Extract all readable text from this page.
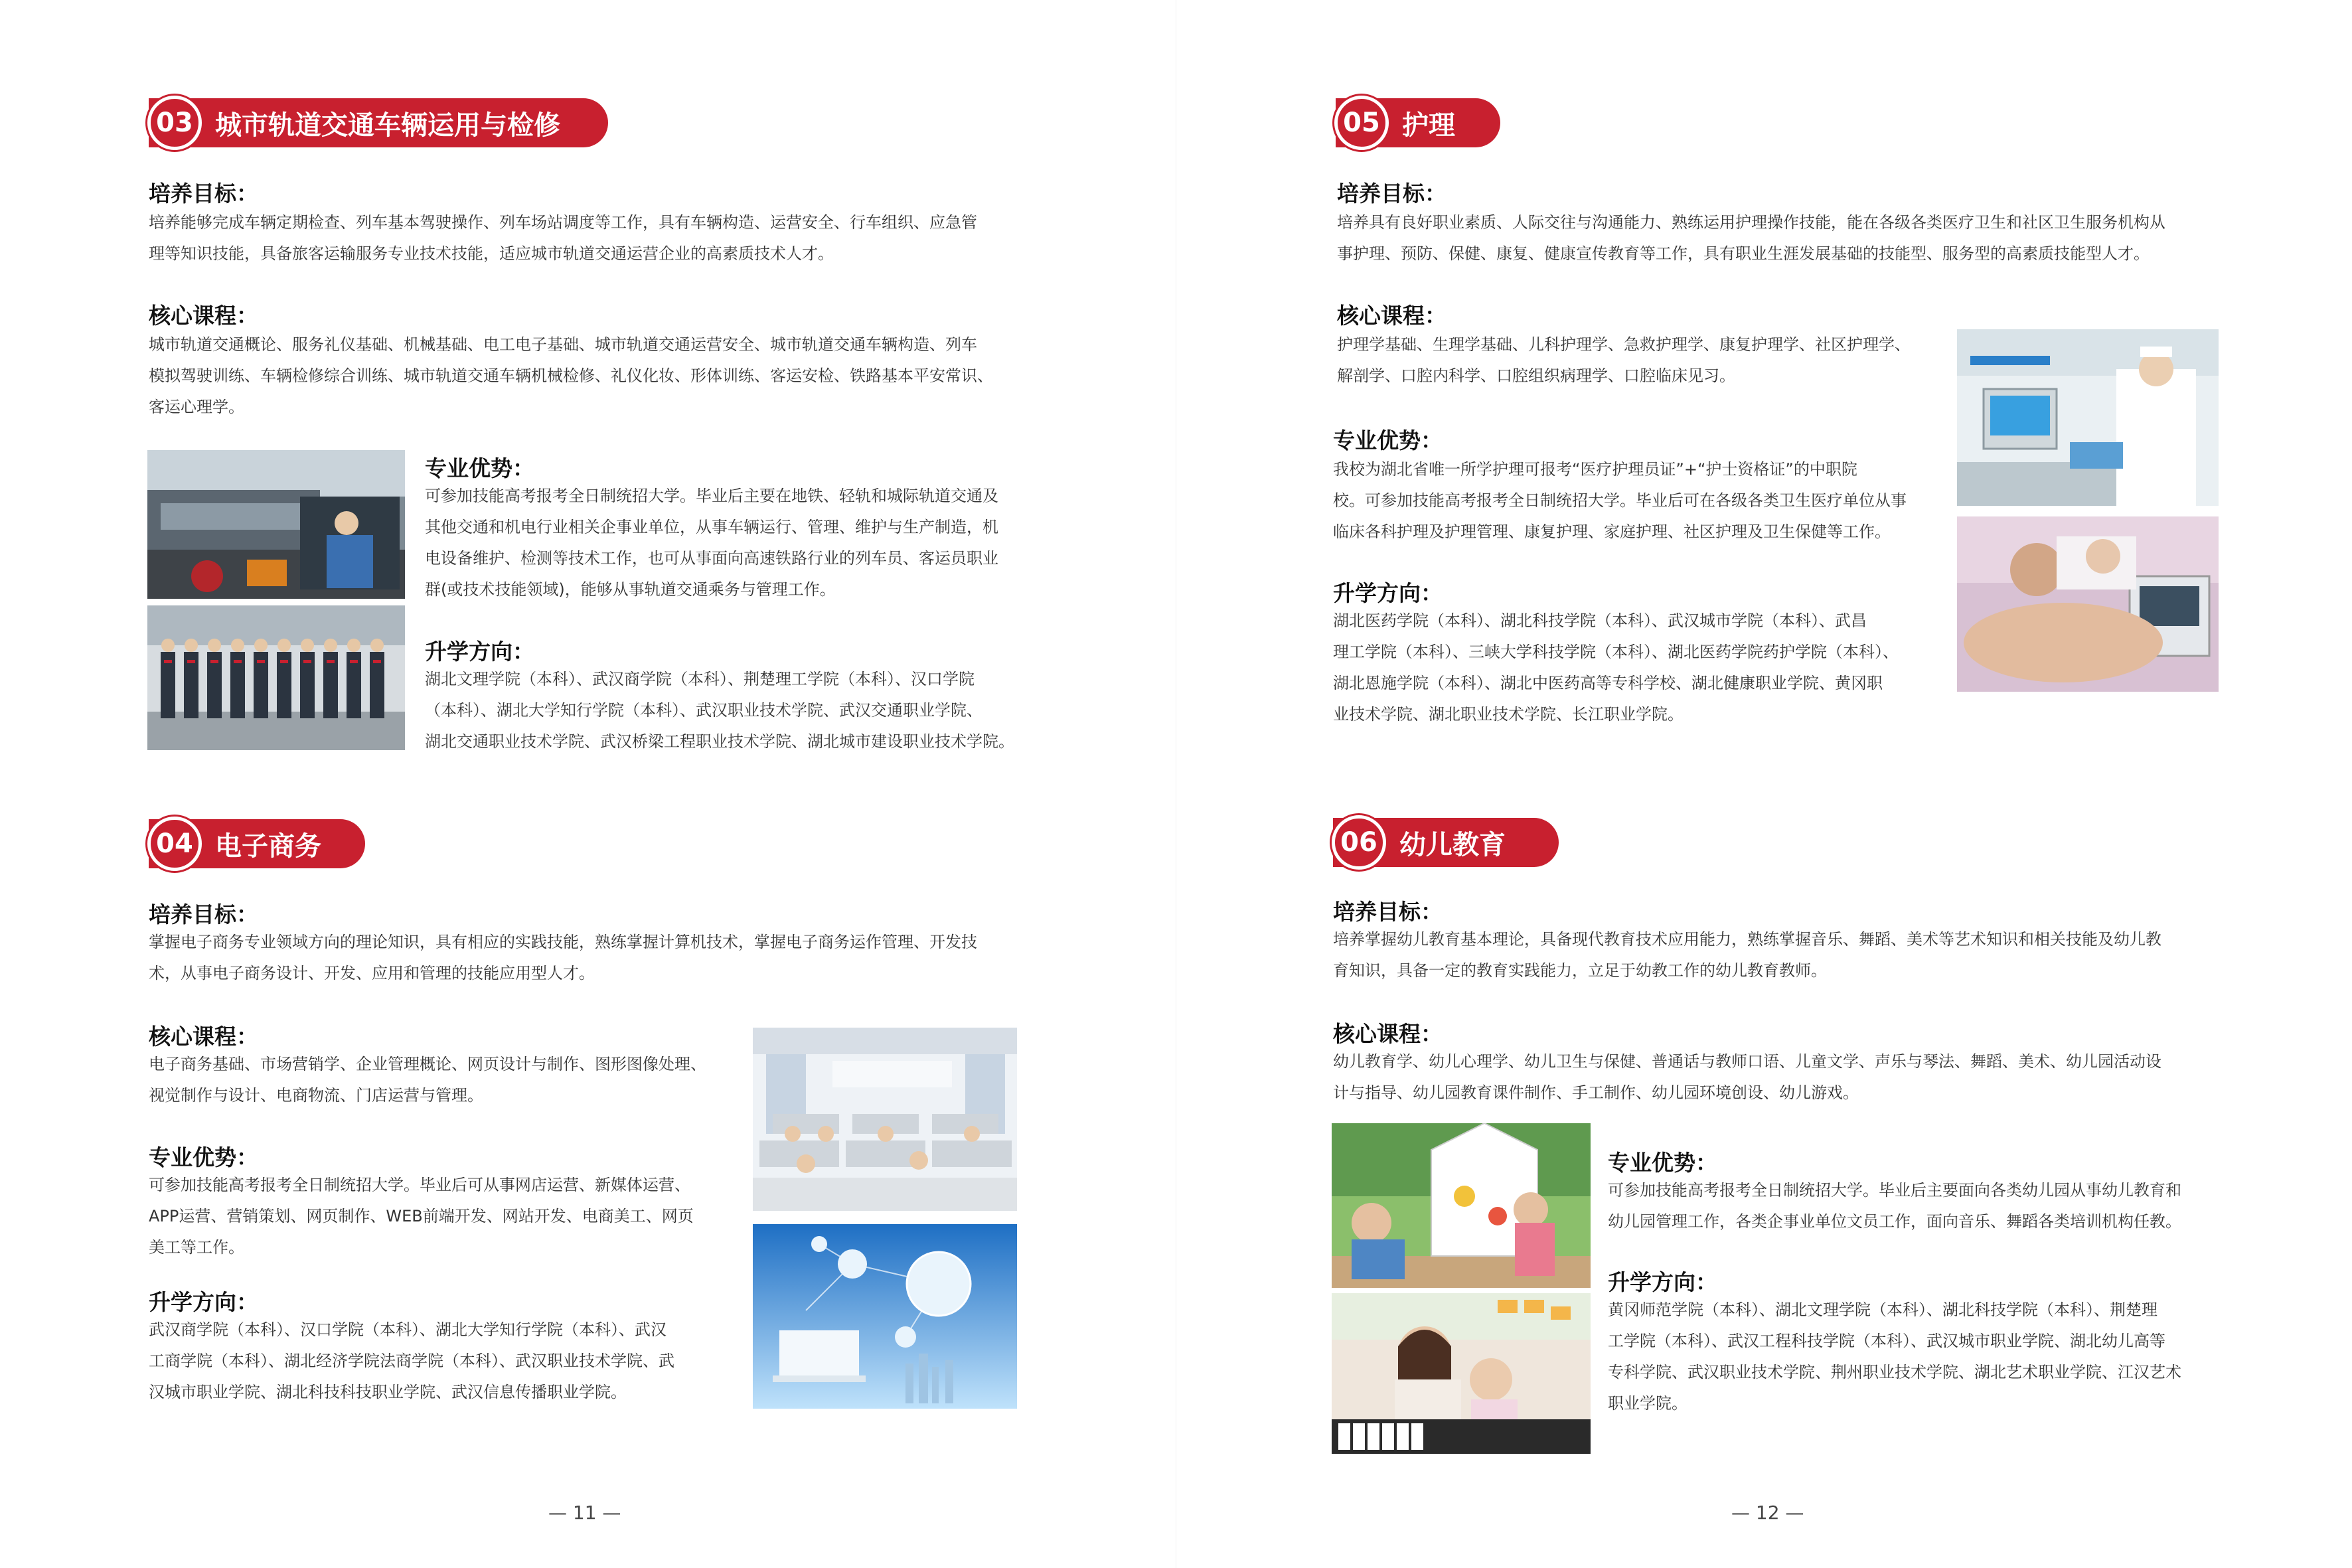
03 城市轨道交通车辆运用与检修
培养目标：
培养能够完成车辆定期检查、列车基本驾驶操作、列车场站调度等工作，具有车辆构造、运营安全、行车组织、应急管
理等知识技能，具备旅客运输服务专业技术技能，适应城市轨道交通运营企业的高素质技术人才。
核心课程：
城市轨道交通概论、服务礼仪基础、机械基础、电工电子基础、城市轨道交通运营安全、城市轨道交通车辆构造、列车
模拟驾驶训练、车辆检修综合训练、城市轨道交通车辆机械检修、礼仪化妆、形体训练、客运安检、铁路基本平安常识、
客运心理学。
专业优势：
可参加技能高考报考全日制统招大学。毕业后主要在地铁、轻轨和城际轨道交通及
其他交通和机电行业相关企事业单位，从事车辆运行、管理、维护与生产制造，机
电设备维护、检测等技术工作，也可从事面向高速铁路行业的列车员、客运员职业
群(或技术技能领域)，能够从事轨道交通乘务与管理工作。
升学方向：
湖北文理学院（本科）、武汉商学院（本科）、荆楚理工学院（本科）、汉口学院
（本科）、湖北大学知行学院（本科）、武汉职业技术学院、武汉交通职业学院、
湖北交通职业技术学院、武汉桥梁工程职业技术学院、湖北城市建设职业技术学院。
04 电子商务
培养目标：
掌握电子商务专业领域方向的理论知识，具有相应的实践技能，熟练掌握计算机技术，掌握电子商务运作管理、开发技
术，从事电子商务设计、开发、应用和管理的技能应用型人才。
核心课程：
电子商务基础、市场营销学、企业管理概论、网页设计与制作、图形图像处理、
视觉制作与设计、电商物流、门店运营与管理。
专业优势：
可参加技能高考报考全日制统招大学。毕业后可从事网店运营、新媒体运营、
APP运营、营销策划、网页制作、WEB前端开发、网站开发、电商美工、网页
美工等工作。
升学方向：
武汉商学院（本科）、汉口学院（本科）、湖北大学知行学院（本科）、武汉
工商学院（本科）、湖北经济学院法商学院（本科）、武汉职业技术学院、武
汉城市职业学院、湖北科技科技职业学院、武汉信息传播职业学院。
— 11 —
05 护理
培养目标：
培养具有良好职业素质、人际交往与沟通能力、熟练运用护理操作技能，能在各级各类医疗卫生和社区卫生服务机构从
事护理、预防、保健、康复、健康宣传教育等工作，具有职业生涯发展基础的技能型、服务型的高素质技能型人才。
核心课程：
护理学基础、生理学基础、儿科护理学、急救护理学、康复护理学、社区护理学、
解剖学、口腔内科学、口腔组织病理学、口腔临床见习。
专业优势：
我校为湖北省唯一所学护理可报考“医疗护理员证”+“护士资格证”的中职院
校。可参加技能高考报考全日制统招大学。毕业后可在各级各类卫生医疗单位从事
临床各科护理及护理管理、康复护理、家庭护理、社区护理及卫生保健等工作。
升学方向：
湖北医药学院（本科）、湖北科技学院（本科）、武汉城市学院（本科）、武昌
理工学院（本科）、三峡大学科技学院（本科）、湖北医药学院药护学院（本科）、
湖北恩施学院（本科）、湖北中医药高等专科学校、湖北健康职业学院、黄冈职
业技术学院、湖北职业技术学院、长江职业学院。
06 幼儿教育
培养目标：
培养掌握幼儿教育基本理论，具备现代教育技术应用能力，熟练掌握音乐、舞蹈、美术等艺术知识和相关技能及幼儿教
育知识，具备一定的教育实践能力，立足于幼教工作的幼儿教育教师。
核心课程：
幼儿教育学、幼儿心理学、幼儿卫生与保健、普通话与教师口语、儿童文学、声乐与琴法、舞蹈、美术、幼儿园活动设
计与指导、幼儿园教育课件制作、手工制作、幼儿园环境创设、幼儿游戏。
专业优势：
可参加技能高考报考全日制统招大学。毕业后主要面向各类幼儿园从事幼儿教育和
幼儿园管理工作，各类企事业单位文员工作，面向音乐、舞蹈各类培训机构任教。
升学方向：
黄冈师范学院（本科）、湖北文理学院（本科）、湖北科技学院（本科）、荆楚理
工学院（本科）、武汉工程科技学院（本科）、武汉城市职业学院、湖北幼儿高等
专科学院、武汉职业技术学院、荆州职业技术学院、湖北艺术职业学院、江汉艺术
职业学院。
— 12 —
